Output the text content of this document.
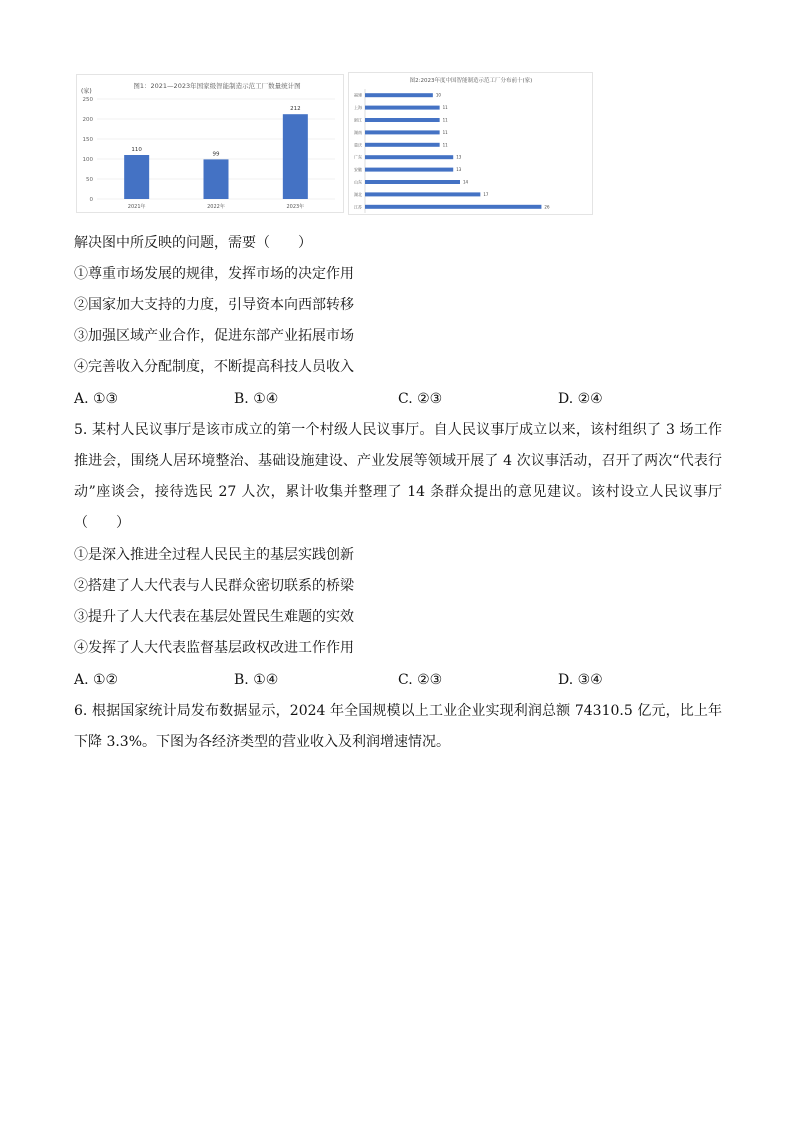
图1：2021—2023年国家级智能制造示范工厂数量统计图
(家)
0
50
100
150
200
250
110
2021年
99
2022年
212
2023年
图2:2023年度中国智能制造示范工厂分布前十(家)
福建	10
上海	11
浙江	11
湖南	11
重庆	11
广东	13
安徽	13
山东	14
湖北	17
江苏	26
解决图中所反映的问题，需要（　　）
①尊重市场发展的规律，发挥市场的决定作用
②国家加大支持的力度，引导资本向西部转移
③加强区域产业合作，促进东部产业拓展市场
④完善收入分配制度，不断提高科技人员收入
A. ①③	B. ①④	C. ②③	D. ②④
5. 某村人民议事厅是该市成立的第一个村级人民议事厅。自人民议事厅成立以来，该村组织了 3 场工作推进会，围绕人居环境整治、基础设施建设、产业发展等领域开展了 4 次议事活动，召开了两次“代表行动”座谈会，接待选民 27 人次，累计收集并整理了 14 条群众提出的意见建议。该村设立人民议事厅（　　）
①是深入推进全过程人民民主的基层实践创新
②搭建了人大代表与人民群众密切联系的桥梁
③提升了人大代表在基层处置民生难题的实效
④发挥了人大代表监督基层政权改进工作作用
A. ①②	B. ①④	C. ②③	D. ③④
6. 根据国家统计局发布数据显示，2024 年全国规模以上工业企业实现利润总额 74310.5 亿元，比上年下降 3.3%。下图为各经济类型的营业收入及利润增速情况。
